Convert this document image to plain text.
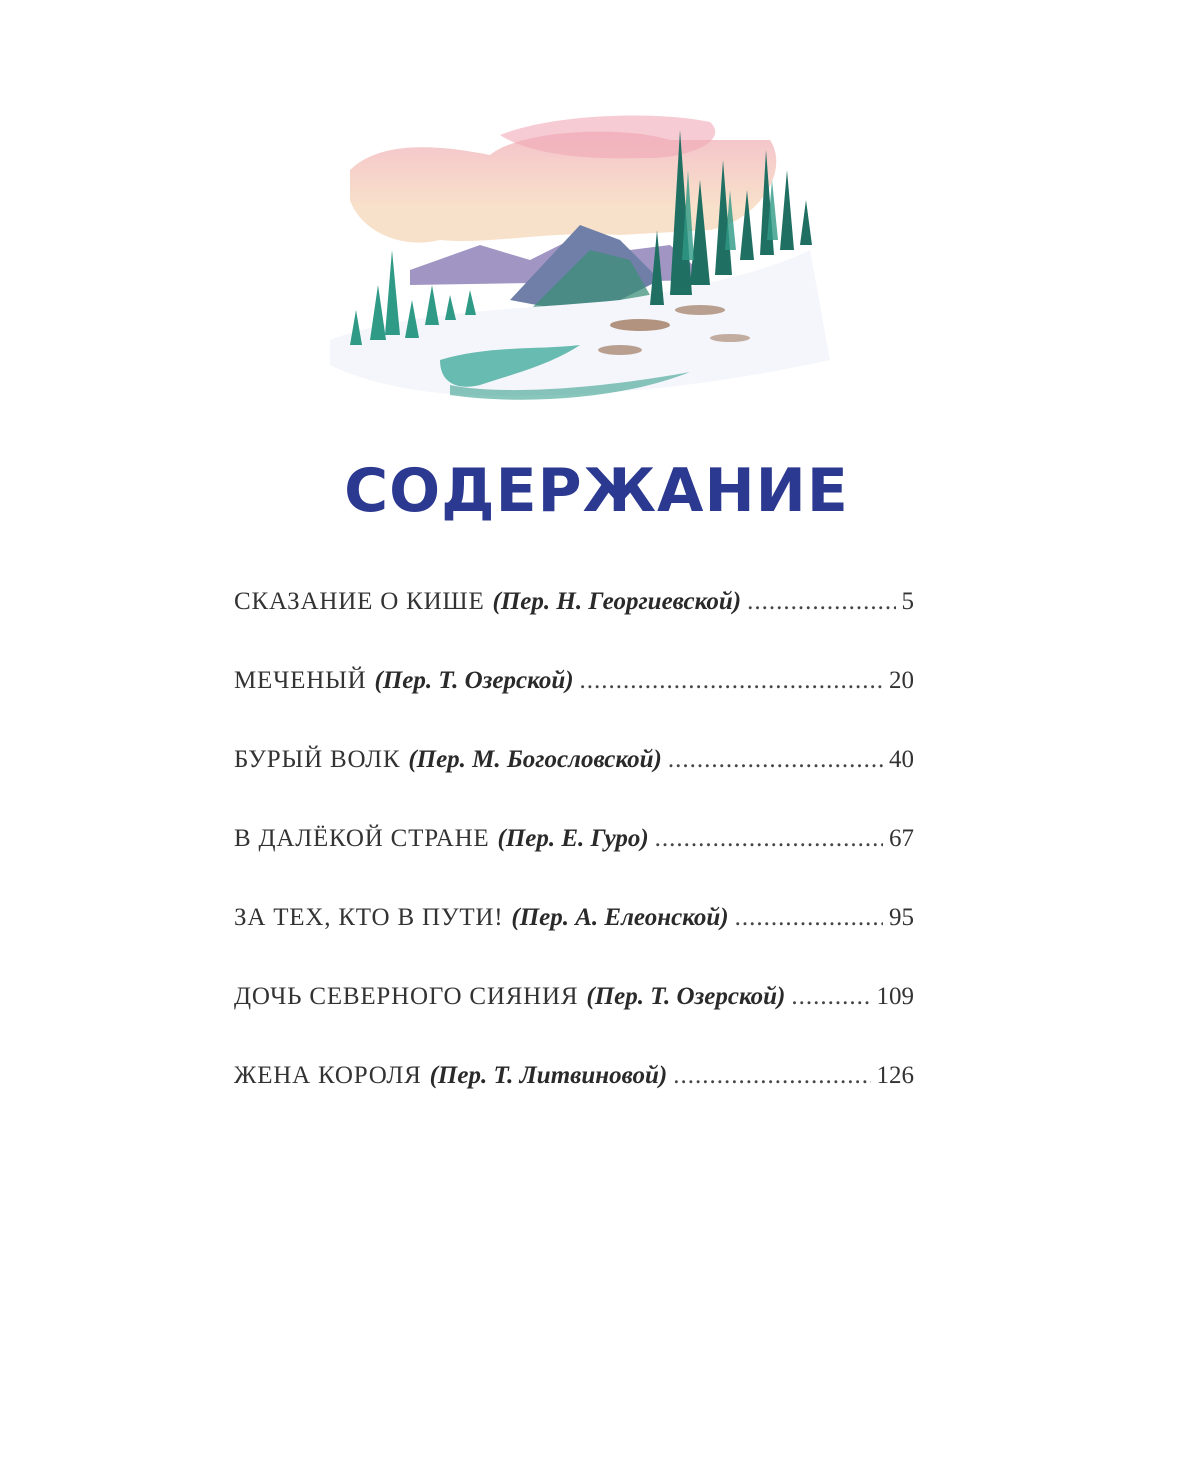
СОДЕРЖАНИЕ
СКАЗАНИЕ О КИШЕ (Пер. Н. Георгиевской) .....	5
МЕЧЕНЫЙ (Пер. Т. Озерской) .....	20
БУРЫЙ ВОЛК (Пер. М. Богословской) .....	40
В ДАЛЁКОЙ СТРАНЕ (Пер. Е. Гуро) .....	67
ЗА ТЕХ, КТО В ПУТИ! (Пер. А. Елеонской) .....	95
ДОЧЬ СЕВЕРНОГО СИЯНИЯ (Пер. Т. Озерской) .....	109
ЖЕНА КОРОЛЯ (Пер. Т. Литвиновой) .....	126
